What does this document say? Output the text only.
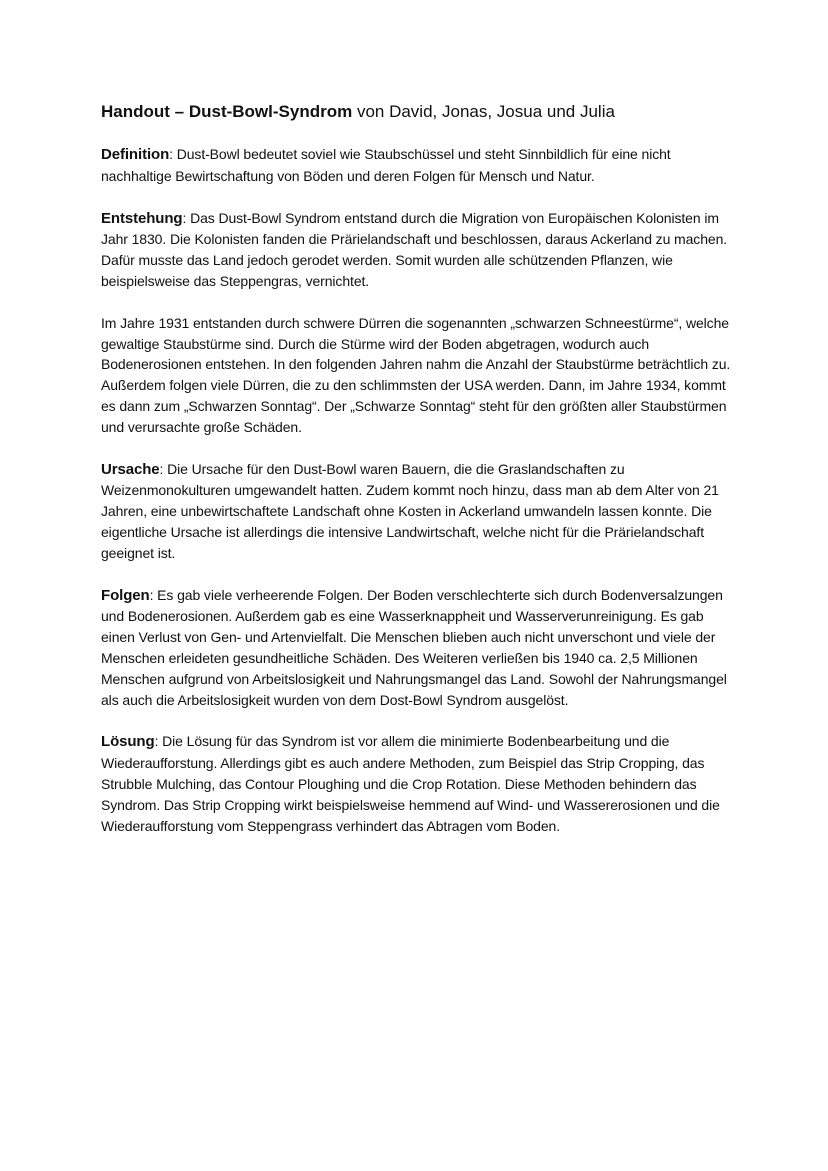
Handout – Dust-Bowl-Syndrom von David, Jonas, Josua und Julia

Definition: Dust-Bowl bedeutet soviel wie Staubschüssel und steht Sinnbildlich für eine nicht nachhaltige Bewirtschaftung von Böden und deren Folgen für Mensch und Natur.

Entstehung: Das Dust-Bowl Syndrom entstand durch die Migration von Europäischen Kolonisten im Jahr 1830. Die Kolonisten fanden die Prärielandschaft und beschlossen, daraus Ackerland zu machen. Dafür musste das Land jedoch gerodet werden. Somit wurden alle schützenden Pflanzen, wie beispielsweise das Steppengras, vernichtet.

Im Jahre 1931 entstanden durch schwere Dürren die sogenannten „schwarzen Schneestürme“, welche gewaltige Staubstürme sind. Durch die Stürme wird der Boden abgetragen, wodurch auch Bodenerosionen entstehen. In den folgenden Jahren nahm die Anzahl der Staubstürme beträchtlich zu. Außerdem folgen viele Dürren, die zu den schlimmsten der USA werden. Dann, im Jahre 1934, kommt es dann zum „Schwarzen Sonntag“. Der „Schwarze Sonntag“ steht für den größten aller Staubstürmen und verursachte große Schäden.

Ursache: Die Ursache für den Dust-Bowl waren Bauern, die die Graslandschaften zu Weizenmonokulturen umgewandelt hatten. Zudem kommt noch hinzu, dass man ab dem Alter von 21 Jahren, eine unbewirtschaftete Landschaft ohne Kosten in Ackerland umwandeln lassen konnte. Die eigentliche Ursache ist allerdings die intensive Landwirtschaft, welche nicht für die Prärielandschaft geeignet ist.

Folgen: Es gab viele verheerende Folgen. Der Boden verschlechterte sich durch Bodenversalzungen und Bodenerosionen. Außerdem gab es eine Wasserknappheit und Wasserverunreinigung. Es gab einen Verlust von Gen- und Artenvielfalt. Die Menschen blieben auch nicht unverschont und viele der Menschen erleideten gesundheitliche Schäden. Des Weiteren verließen bis 1940 ca. 2,5 Millionen Menschen aufgrund von Arbeitslosigkeit und Nahrungsmangel das Land. Sowohl der Nahrungsmangel als auch die Arbeitslosigkeit wurden von dem Dost-Bowl Syndrom ausgelöst.

Lösung: Die Lösung für das Syndrom ist vor allem die minimierte Bodenbearbeitung und die Wiederaufforstung. Allerdings gibt es auch andere Methoden, zum Beispiel das Strip Cropping, das Strubble Mulching, das Contour Ploughing und die Crop Rotation. Diese Methoden behindern das Syndrom. Das Strip Cropping wirkt beispielsweise hemmend auf Wind- und Wassererosionen und die Wiederaufforstung vom Steppengrass verhindert das Abtragen vom Boden.
